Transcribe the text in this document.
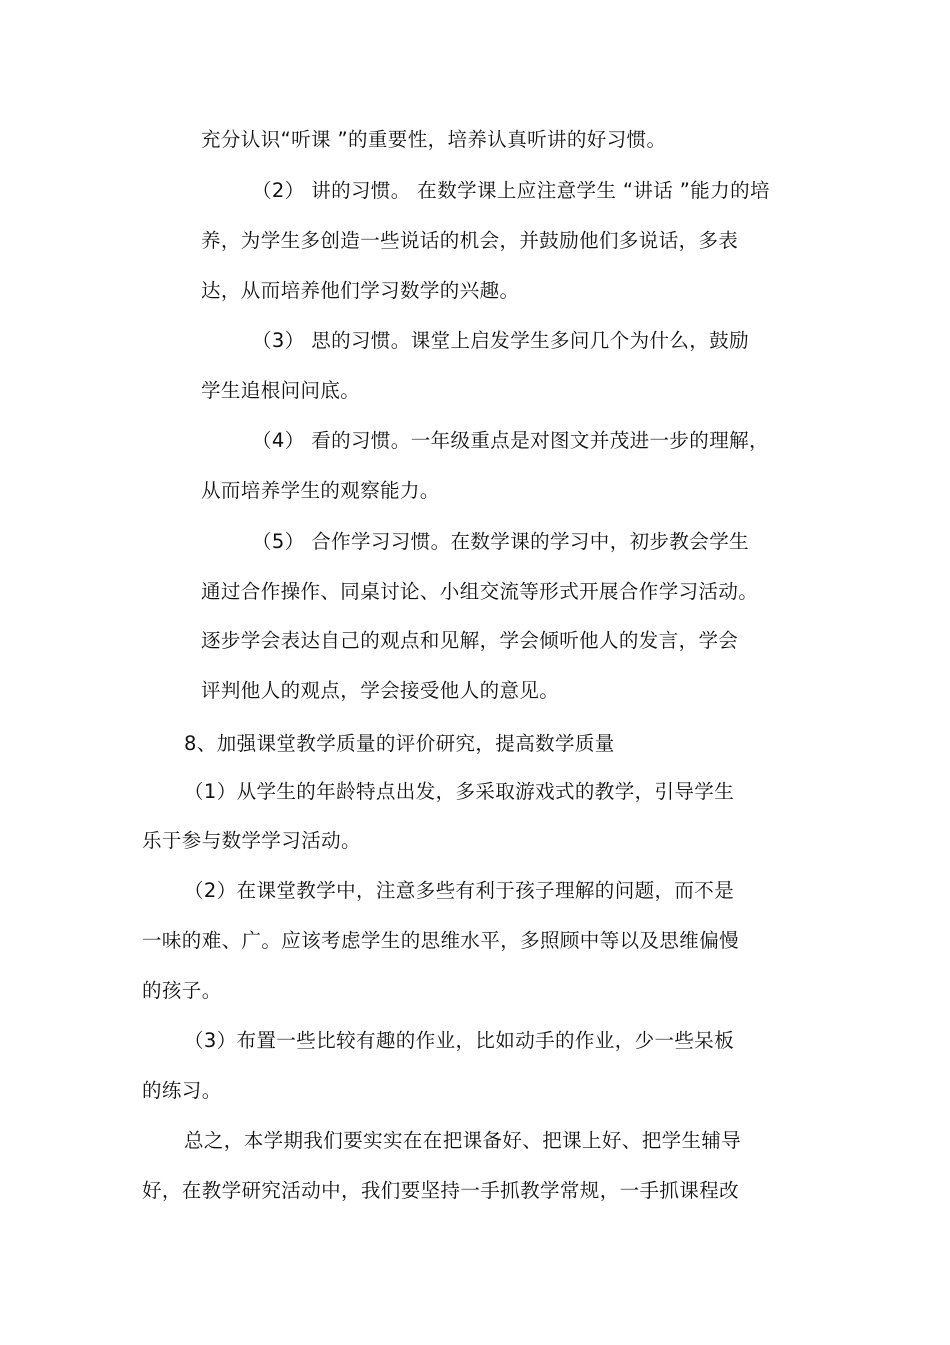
充分认识“听课 ”的重要性，培养认真听讲的好习惯。
（2） 讲的习惯。 在数学课上应注意学生 “讲话 ”能力的培
养，为学生多创造一些说话的机会，并鼓励他们多说话，多表
达，从而培养他们学习数学的兴趣。
（3） 思的习惯。课堂上启发学生多问几个为什么，鼓励
学生追根问问底。
（4） 看的习惯。一年级重点是对图文并茂进一步的理解，
从而培养学生的观察能力。
（5） 合作学习习惯。在数学课的学习中，初步教会学生
通过合作操作、同桌讨论、小组交流等形式开展合作学习活动。
逐步学会表达自己的观点和见解，学会倾听他人的发言，学会
评判他人的观点，学会接受他人的意见。
8、加强课堂教学质量的评价研究，提高数学质量
（1）从学生的年龄特点出发，多采取游戏式的教学，引导学生
乐于参与数学学习活动。
（2）在课堂教学中，注意多些有利于孩子理解的问题，而不是
一味的难、广。应该考虑学生的思维水平，多照顾中等以及思维偏慢
的孩子。
（3）布置一些比较有趣的作业，比如动手的作业，少一些呆板
的练习。
总之，本学期我们要实实在在把课备好、把课上好、把学生辅导
好，在教学研究活动中，我们要坚持一手抓教学常规，一手抓课程改
